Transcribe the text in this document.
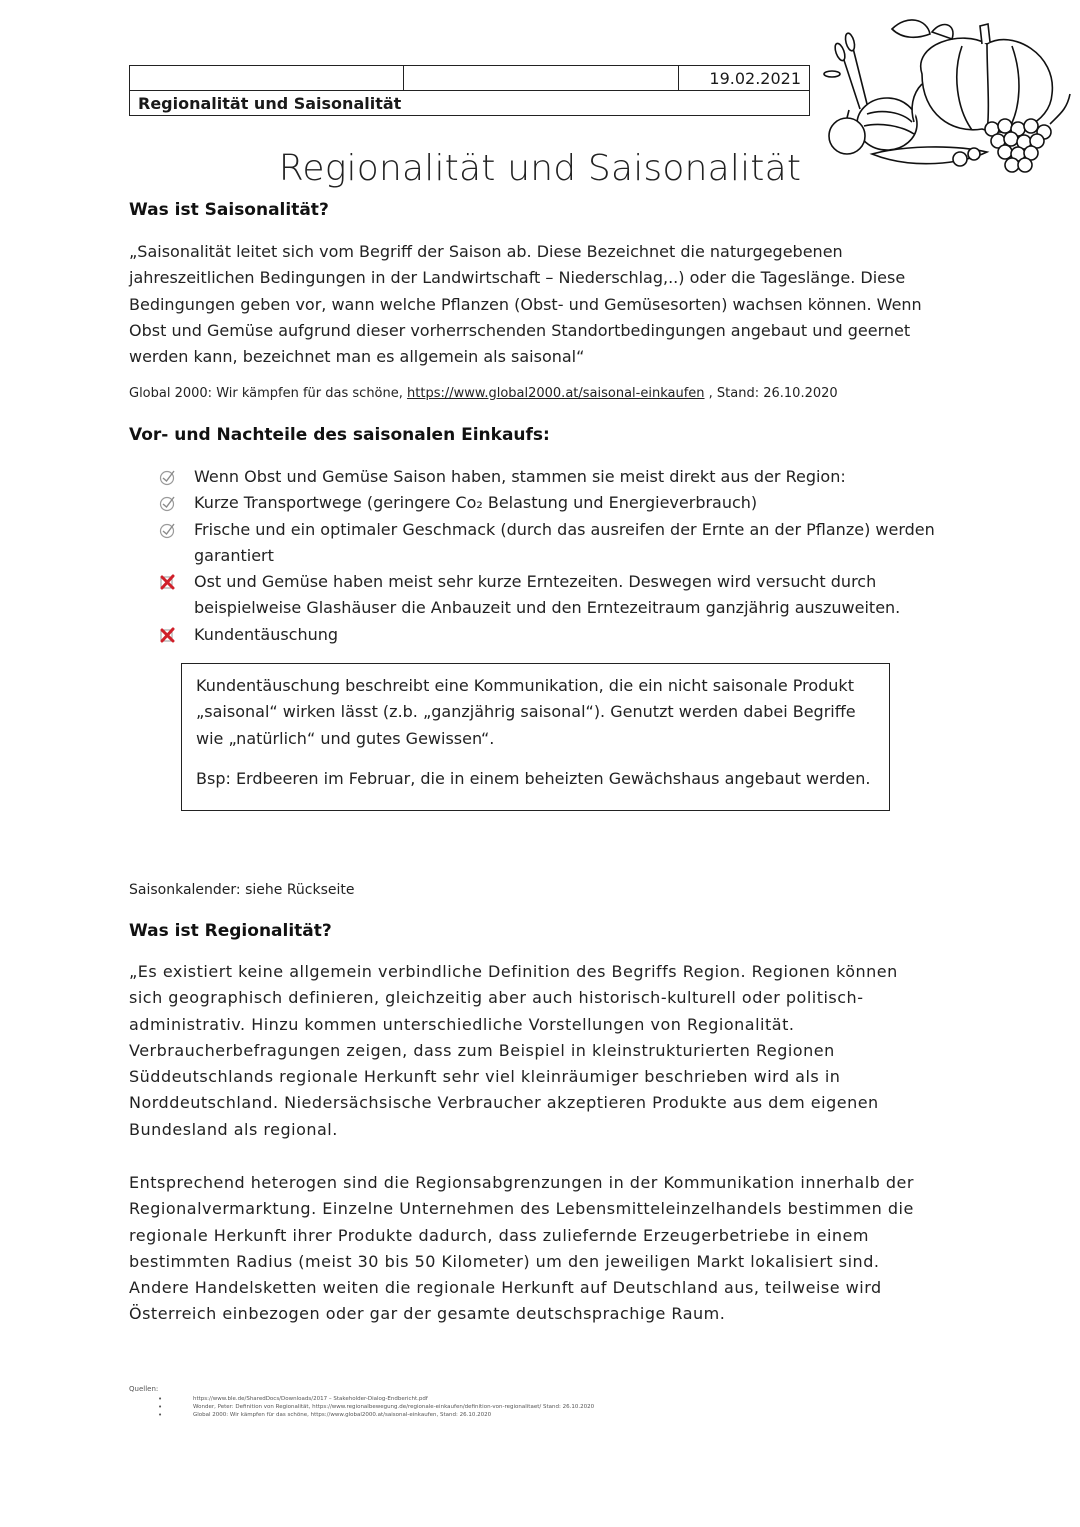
		19.02.2021
Regionalität und Saisonalität
Regionalität und Saisonalität
Was ist Saisonalität?
„Saisonalität leitet sich vom Begriff der Saison ab. Diese Bezeichnet die naturgegebenen
jahreszeitlichen Bedingungen in der Landwirtschaft – Niederschlag,..) oder die Tageslänge. Diese
Bedingungen geben vor, wann welche Pflanzen (Obst- und Gemüsesorten) wachsen können. Wenn
Obst und Gemüse aufgrund dieser vorherrschenden Standortbedingungen angebaut und geernet
werden kann, bezeichnet man es allgemein als saisonal“
Global 2000: Wir kämpfen für das schöne, https://www.global2000.at/saisonal-einkaufen , Stand: 26.10.2020
Vor- und Nachteile des saisonalen Einkaufs:
Wenn Obst und Gemüse Saison haben, stammen sie meist direkt aus der Region:
Kurze Transportwege (geringere Co₂ Belastung und Energieverbrauch)
Frische und ein optimaler Geschmack (durch das ausreifen der Ernte an der Pflanze) werden
garantiert
Ost und Gemüse haben meist sehr kurze Erntezeiten. Deswegen wird versucht durch
beispielweise Glashäuser die Anbauzeit und den Erntezeitraum ganzjährig auszuweiten.
Kundentäuschung

Kundentäuschung beschreibt eine Kommunikation, die ein nicht saisonale Produkt

„saisonal“ wirken lässt (z.b. „ganzjährig saisonal“). Genutzt werden dabei Begriffe

wie „natürlich“ und gutes Gewissen“.

Bsp: Erdbeeren im Februar, die in einem beheizten Gewächshaus angebaut werden.

Saisonkalender: siehe Rückseite
Was ist Regionalität?
„Es existiert keine allgemein verbindliche Definition des Begriffs Region. Regionen können
sich geographisch definieren, gleichzeitig aber auch historisch-kulturell oder politisch-
administrativ. Hinzu kommen unterschiedliche Vorstellungen von Regionalität.
Verbraucherbefragungen zeigen, dass zum Beispiel in kleinstrukturierten Regionen
Süddeutschlands regionale Herkunft sehr viel kleinräumiger beschrieben wird als in
Norddeutschland. Niedersächsische Verbraucher akzeptieren Produkte aus dem eigenen
Bundesland als regional.
Entsprechend heterogen sind die Regionsabgrenzungen in der Kommunikation innerhalb der
Regionalvermarktung. Einzelne Unternehmen des Lebensmitteleinzelhandels bestimmen die
regionale Herkunft ihrer Produkte dadurch, dass zuliefernde Erzeugerbetriebe in einem
bestimmten Radius (meist 30 bis 50 Kilometer) um den jeweiligen Markt lokalisiert sind.
Andere Handelsketten weiten die regionale Herkunft auf Deutschland aus, teilweise wird
Österreich einbezogen oder gar der gesamte deutschsprachige Raum.
Quellen:
•	https://www.ble.de/SharedDocs/Downloads/2017 – Stakeholder-Dialog-Endbericht.pdf
•	Wonder, Peter: Definition von Regionalität, https://www.regionalbewegung.de/regionale-einkaufen/definition-von-regionalitaet/ Stand: 26.10.2020
•	Global 2000: Wir kämpfen für das schöne, https://www.global2000.at/saisonal-einkaufen, Stand: 26.10.2020
